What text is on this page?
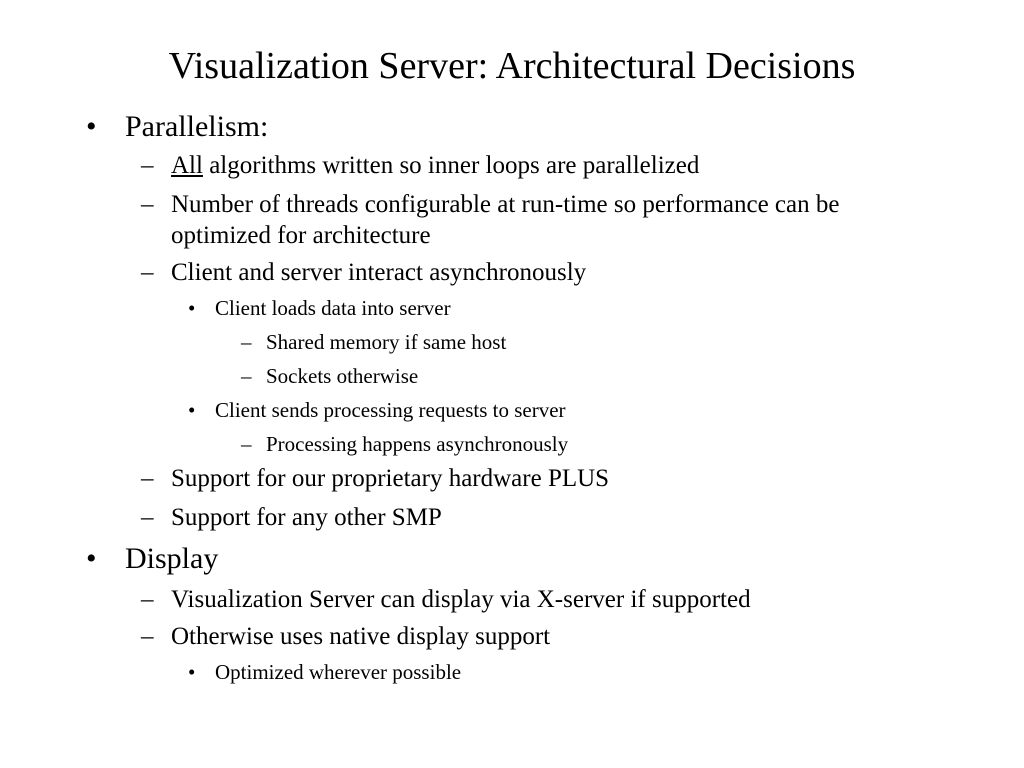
Visualization Server: Architectural Decisions
• Parallelism:
– All algorithms written so inner loops are parallelized
– Number of threads configurable at run-time so performance can be
optimized for architecture
– Client and server interact asynchronously
• Client loads data into server
– Shared memory if same host
– Sockets otherwise
• Client sends processing requests to server
– Processing happens asynchronously
– Support for our proprietary hardware PLUS
– Support for any other SMP
• Display
– Visualization Server can display via X-server if supported
– Otherwise uses native display support
• Optimized wherever possible
